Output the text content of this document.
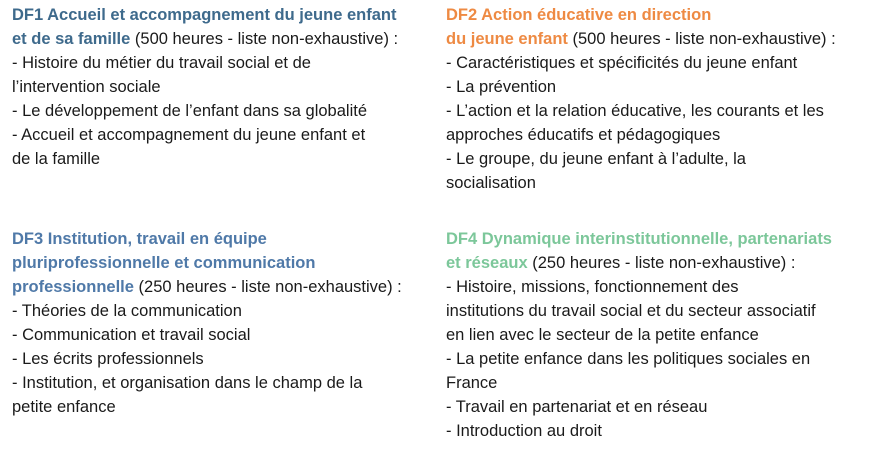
DF1 Accueil et accompagnement du jeune enfant

et de sa famille (500 heures - liste non-exhaustive) :

- Histoire du métier du travail social et de
l’intervention sociale
- Le développement de l’enfant dans sa globalité
- Accueil et accompagnement du jeune enfant et
de la famille

DF2 Action éducative en direction

du jeune enfant (500 heures - liste non-exhaustive) :

- Caractéristiques et spécificités du jeune enfant
- La prévention
- L’action et la relation éducative, les courants et les
approches éducatifs et pédagogiques
- Le groupe, du jeune enfant à l’adulte, la
socialisation

DF3 Institution, travail en équipe

pluriprofessionnelle et communication

professionnelle (250 heures - liste non-exhaustive) :

- Théories de la communication
- Communication et travail social
- Les écrits professionnels
- Institution, et organisation dans le champ de la
petite enfance

DF4 Dynamique interinstitutionnelle, partenariats

et réseaux (250 heures - liste non-exhaustive) :

- Histoire, missions, fonctionnement des
institutions du travail social et du secteur associatif
en lien avec le secteur de la petite enfance
- La petite enfance dans les politiques sociales en
France
- Travail en partenariat et en réseau
- Introduction au droit
